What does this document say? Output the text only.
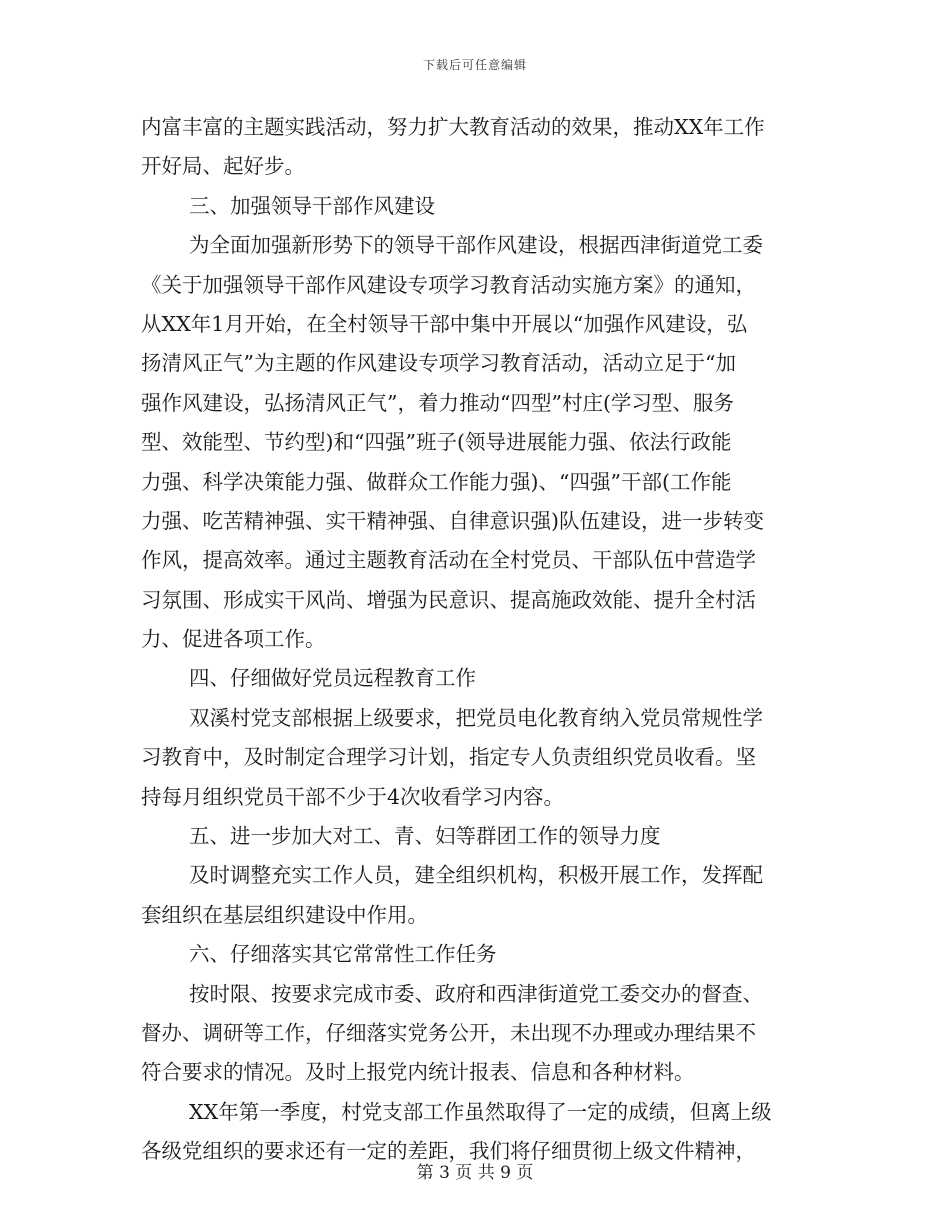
下载后可任意编辑
内富丰富的主题实践活动，努力扩大教育活动的效果，推动XX年工作
开好局、起好步。
三、加强领导干部作风建设
为全面加强新形势下的领导干部作风建设，根据西津街道党工委
《关于加强领导干部作风建设专项学习教育活动实施方案》的通知，
从XX年1月开始，在全村领导干部中集中开展以“加强作风建设，弘
扬清风正气”为主题的作风建设专项学习教育活动，活动立足于“加
强作风建设，弘扬清风正气”，着力推动“四型”村庄(学习型、服务
型、效能型、节约型)和“四强”班子(领导进展能力强、依法行政能
力强、科学决策能力强、做群众工作能力强)、“四强”干部(工作能
力强、吃苦精神强、实干精神强、自律意识强)队伍建设，进一步转变
作风，提高效率。通过主题教育活动在全村党员、干部队伍中营造学
习氛围、形成实干风尚、增强为民意识、提高施政效能、提升全村活
力、促进各项工作。
四、仔细做好党员远程教育工作
双溪村党支部根据上级要求，把党员电化教育纳入党员常规性学
习教育中，及时制定合理学习计划，指定专人负责组织党员收看。坚
持每月组织党员干部不少于4次收看学习内容。
五、进一步加大对工、青、妇等群团工作的领导力度
及时调整充实工作人员，建全组织机构，积极开展工作，发挥配
套组织在基层组织建设中作用。
六、仔细落实其它常常性工作任务
按时限、按要求完成市委、政府和西津街道党工委交办的督查、
督办、调研等工作，仔细落实党务公开，未出现不办理或办理结果不
符合要求的情况。及时上报党内统计报表、信息和各种材料。
XX年第一季度，村党支部工作虽然取得了一定的成绩，但离上级
各级党组织的要求还有一定的差距，我们将仔细贯彻上级文件精神，
第 3 页 共 9 页
